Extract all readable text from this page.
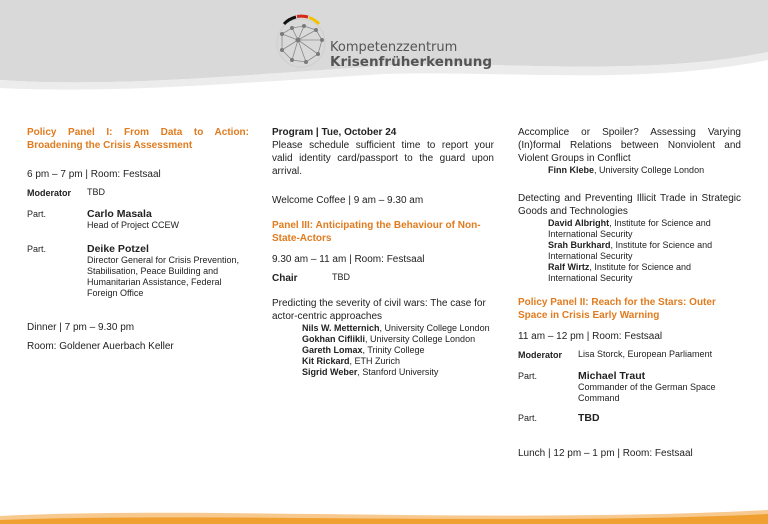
Kompetenzzentrum
Krisenfrüherkennung

Policy Panel I: From Data to Action: Broadening the Crisis Assessment

6 pm – 7 pm | Room: Festsaal

Moderator	TBD
Part.	Carlo Masala
Head of Project CCEW
Part.	Deike Potzel
Director General for Crisis Prevention, Stabilisation, Peace Building and Humanitarian Assistance, Federal Foreign Office

Dinner | 7 pm – 9.30 pm

Room: Goldener Auerbach Keller

Program | Tue, October 24

Please schedule sufficient time to report your valid identity card/passport to the guard upon arrival.

Welcome Coffee | 9 am – 9.30 am

Panel III: Anticipating the Behaviour of Non-State-Actors

9.30 am – 11 am | Room: Festsaal

Chair	TBD

Predicting the severity of civil wars: The case for actor-centric approaches

Nils W. Metternich, University College London
Gokhan Ciflikli, University College London
Gareth Lomax, Trinity College
Kit Rickard, ETH Zurich
Sigrid Weber, Stanford University

Accomplice or Spoiler? Assessing Varying (In)formal Relations between Nonviolent and Violent Groups in Conflict

Finn Klebe, University College London

Detecting and Preventing Illicit Trade in Strategic Goods and Technologies

David Albright, Institute for Science and International Security
Srah Burkhard, Institute for Science and International Security
Ralf Wirtz, Institute for Science and International Security

Policy Panel II: Reach for the Stars: Outer Space in Crisis Early Warning

11 am – 12 pm | Room: Festsaal

Moderator	Lisa Storck, European Parliament
Part.	Michael Traut
Commander of the German Space Command
Part.	TBD

Lunch | 12 pm – 1 pm | Room: Festsaal
